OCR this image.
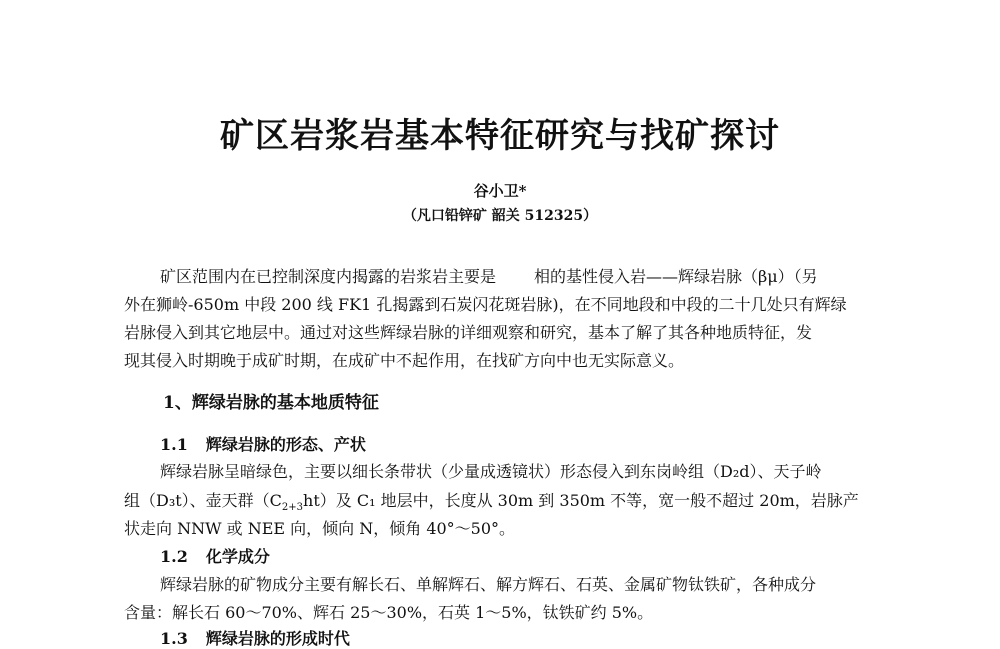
矿区岩浆岩基本特征研究与找矿探讨
谷小卫*
（凡口铅锌矿 韶关 512325）
矿区范围内在已控制深度内揭露的岩浆岩主要是 相的基性侵入岩——辉绿岩脉（βμ）（另
外在狮岭-650m 中段 200 线 FK1 孔揭露到石炭闪花斑岩脉)，在不同地段和中段的二十几处只有辉绿
岩脉侵入到其它地层中。通过对这些辉绿岩脉的详细观察和研究，基本了解了其各种地质特征，发
现其侵入时期晚于成矿时期，在成矿中不起作用，在找矿方向中也无实际意义。
1、辉绿岩脉的基本地质特征
1.1 辉绿岩脉的形态、产状
辉绿岩脉呈暗绿色，主要以细长条带状（少量成透镜状）形态侵入到东岗岭组（D₂d）、天子岭
组（D₃t）、壶天群$(C_{2+3}ht)$及 C₁ 地层中，长度从 30m 到 350m 不等，宽一般不超过 20m，岩脉产
状走向 NNW 或 NEE 向，倾向 N，倾角 40°～50°。
1.2 化学成分
辉绿岩脉的矿物成分主要有解长石、单解辉石、解方辉石、石英、金属矿物钛铁矿，各种成分
含量：解长石 60～70%、辉石 25～30%，石英 1～5%，钛铁矿约 5%。
1.3 辉绿岩脉的形成时代
